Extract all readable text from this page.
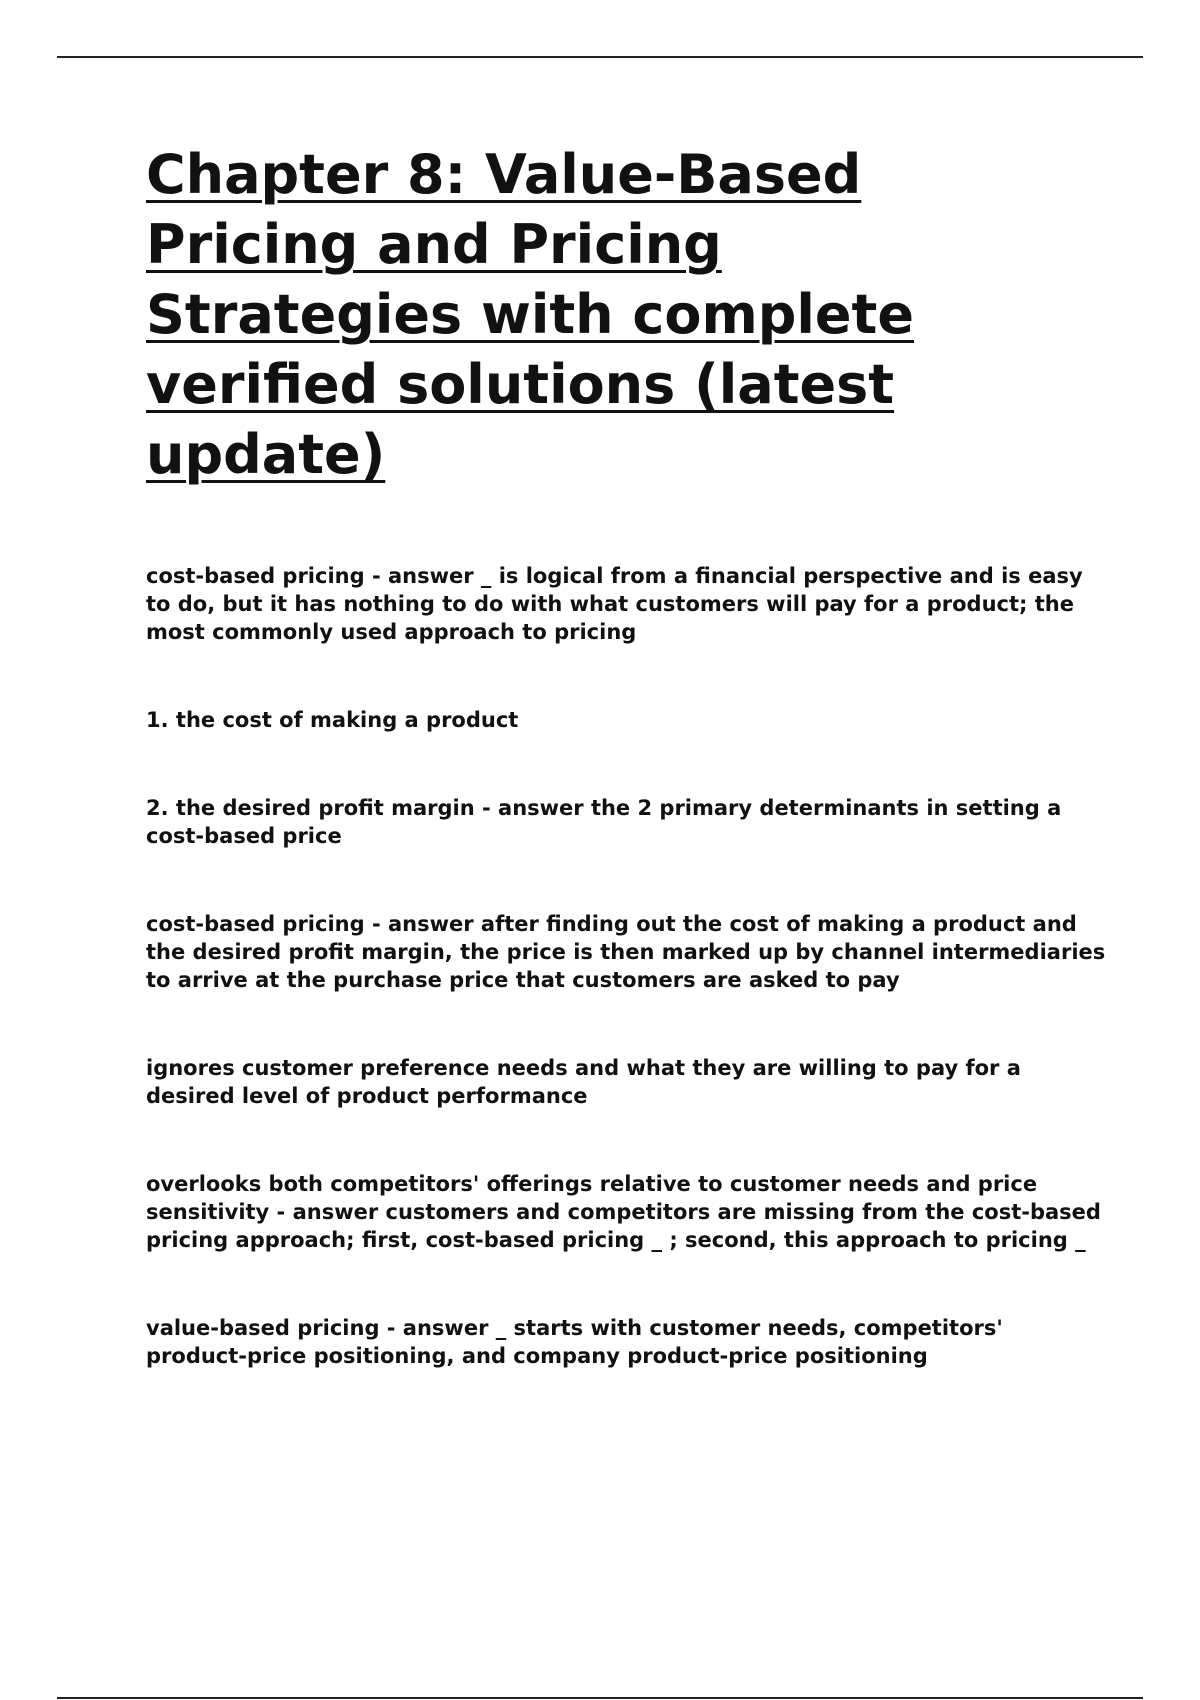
Chapter 8: Value-Based Pricing and Pricing Strategies with complete verified solutions (latest update)

cost-based pricing - answer _ is logical from a financial perspective and is easy to do, but it has nothing to do with what customers will pay for a product; the most commonly used approach to pricing

1. the cost of making a product

2. the desired profit margin - answer the 2 primary determinants in setting a cost-based price

cost-based pricing - answer after finding out the cost of making a product and the desired profit margin, the price is then marked up by channel intermediaries to arrive at the purchase price that customers are asked to pay

ignores customer preference needs and what they are willing to pay for a desired level of product performance

overlooks both competitors' offerings relative to customer needs and price sensitivity - answer customers and competitors are missing from the cost-based pricing approach; first, cost-based pricing _ ; second, this approach to pricing _

value-based pricing - answer _ starts with customer needs, competitors' product-price positioning, and company product-price positioning
